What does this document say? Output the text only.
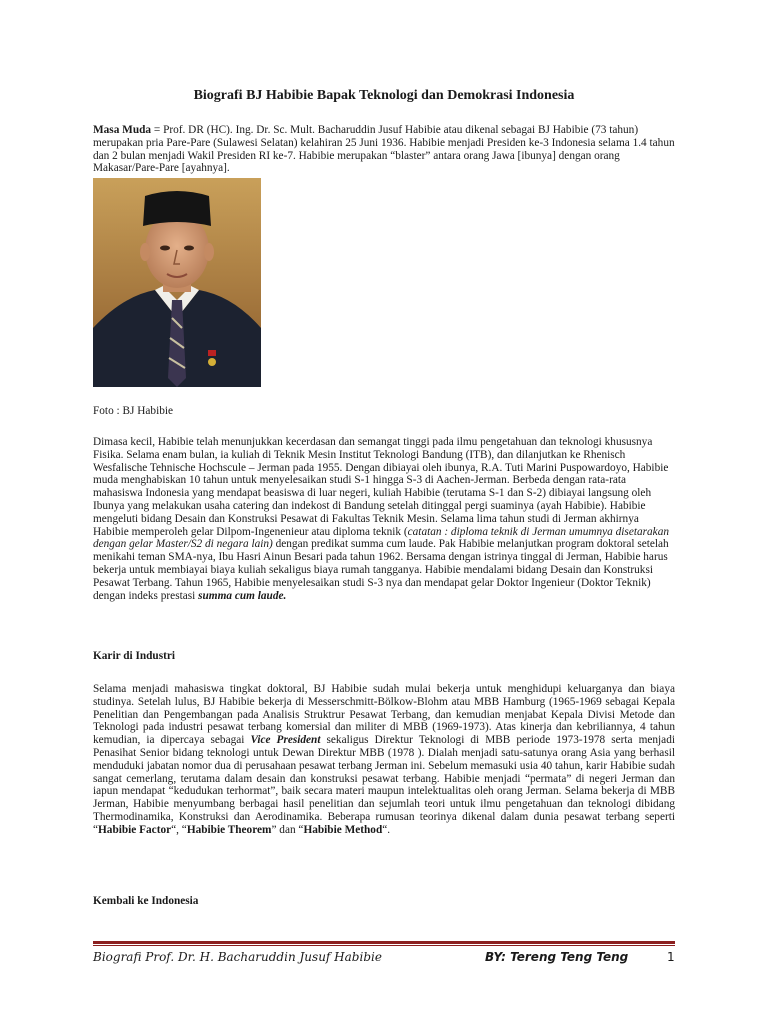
Biografi BJ Habibie Bapak Teknologi dan Demokrasi Indonesia

Masa Muda = Prof. DR (HC). Ing. Dr. Sc. Mult. Bacharuddin Jusuf Habibie atau dikenal sebagai BJ Habibie (73 tahun) merupakan pria Pare-Pare (Sulawesi Selatan) kelahiran 25 Juni 1936. Habibie menjadi Presiden ke-3 Indonesia selama 1.4 tahun dan 2 bulan menjadi Wakil Presiden RI ke-7. Habibie merupakan “blaster” antara orang Jawa [ibunya] dengan orang Makasar/Pare-Pare [ayahnya].

Foto : BJ Habibie

Dimasa kecil, Habibie telah menunjukkan kecerdasan dan semangat tinggi pada ilmu pengetahuan dan teknologi khususnya Fisika. Selama enam bulan, ia kuliah di Teknik Mesin Institut Teknologi Bandung (ITB), dan dilanjutkan ke Rhenisch Wesfalische Tehnische Hochscule – Jerman pada 1955. Dengan dibiayai oleh ibunya, R.A. Tuti Marini Puspowardoyo, Habibie muda menghabiskan 10 tahun untuk menyelesaikan studi S-1 hingga S-3 di Aachen-Jerman. Berbeda dengan rata-rata mahasiswa Indonesia yang mendapat beasiswa di luar negeri, kuliah Habibie (terutama S-1 dan S-2) dibiayai langsung oleh Ibunya yang melakukan usaha catering dan indekost di Bandung setelah ditinggal pergi suaminya (ayah Habibie). Habibie mengeluti bidang Desain dan Konstruksi Pesawat di Fakultas Teknik Mesin. Selama lima tahun studi di Jerman akhirnya Habibie memperoleh gelar Dilpom-Ingenenieur atau diploma teknik (catatan : diploma teknik di Jerman umumnya disetarakan dengan gelar Master/S2 di negara lain) dengan predikat summa cum laude. Pak Habibie melanjutkan program doktoral setelah menikahi teman SMA-nya, Ibu Hasri Ainun Besari pada tahun 1962. Bersama dengan istrinya tinggal di Jerman, Habibie harus bekerja untuk membiayai biaya kuliah sekaligus biaya rumah tangganya. Habibie mendalami bidang Desain dan Konstruksi Pesawat Terbang. Tahun 1965, Habibie menyelesaikan studi S-3 nya dan mendapat gelar Doktor Ingenieur (Doktor Teknik) dengan indeks prestasi summa cum laude.

Karir di Industri

Selama menjadi mahasiswa tingkat doktoral, BJ Habibie sudah mulai bekerja untuk menghidupi keluarganya dan biaya studinya. Setelah lulus, BJ Habibie bekerja di Messerschmitt-Bölkow-Blohm atau MBB Hamburg (1965-1969 sebagai Kepala Penelitian dan Pengembangan pada Analisis Struktrur Pesawat Terbang, dan kemudian menjabat Kepala Divisi Metode dan Teknologi pada industri pesawat terbang komersial dan militer di MBB (1969-1973). Atas kinerja dan kebriliannya, 4 tahun kemudian, ia dipercaya sebagai Vice President sekaligus Direktur Teknologi di MBB periode 1973-1978 serta menjadi Penasihat Senior bidang teknologi untuk Dewan Direktur MBB (1978 ). Dialah menjadi satu-satunya orang Asia yang berhasil menduduki jabatan nomor dua di perusahaan pesawat terbang Jerman ini. Sebelum memasuki usia 40 tahun, karir Habibie sudah sangat cemerlang, terutama dalam desain dan konstruksi pesawat terbang. Habibie menjadi “permata” di negeri Jerman dan iapun mendapat “kedudukan terhormat”, baik secara materi maupun intelektualitas oleh orang Jerman. Selama bekerja di MBB Jerman, Habibie menyumbang berbagai hasil penelitian dan sejumlah teori untuk ilmu pengetahuan dan teknologi dibidang Thermodinamika, Konstruksi dan Aerodinamika. Beberapa rumusan teorinya dikenal dalam dunia pesawat terbang seperti “Habibie Factor“, “Habibie Theorem” dan “Habibie Method“.

Kembali ke Indonesia
Biografi Prof. Dr. H. Bacharuddin Jusuf Habibie	BY: Tereng Teng Teng	1
